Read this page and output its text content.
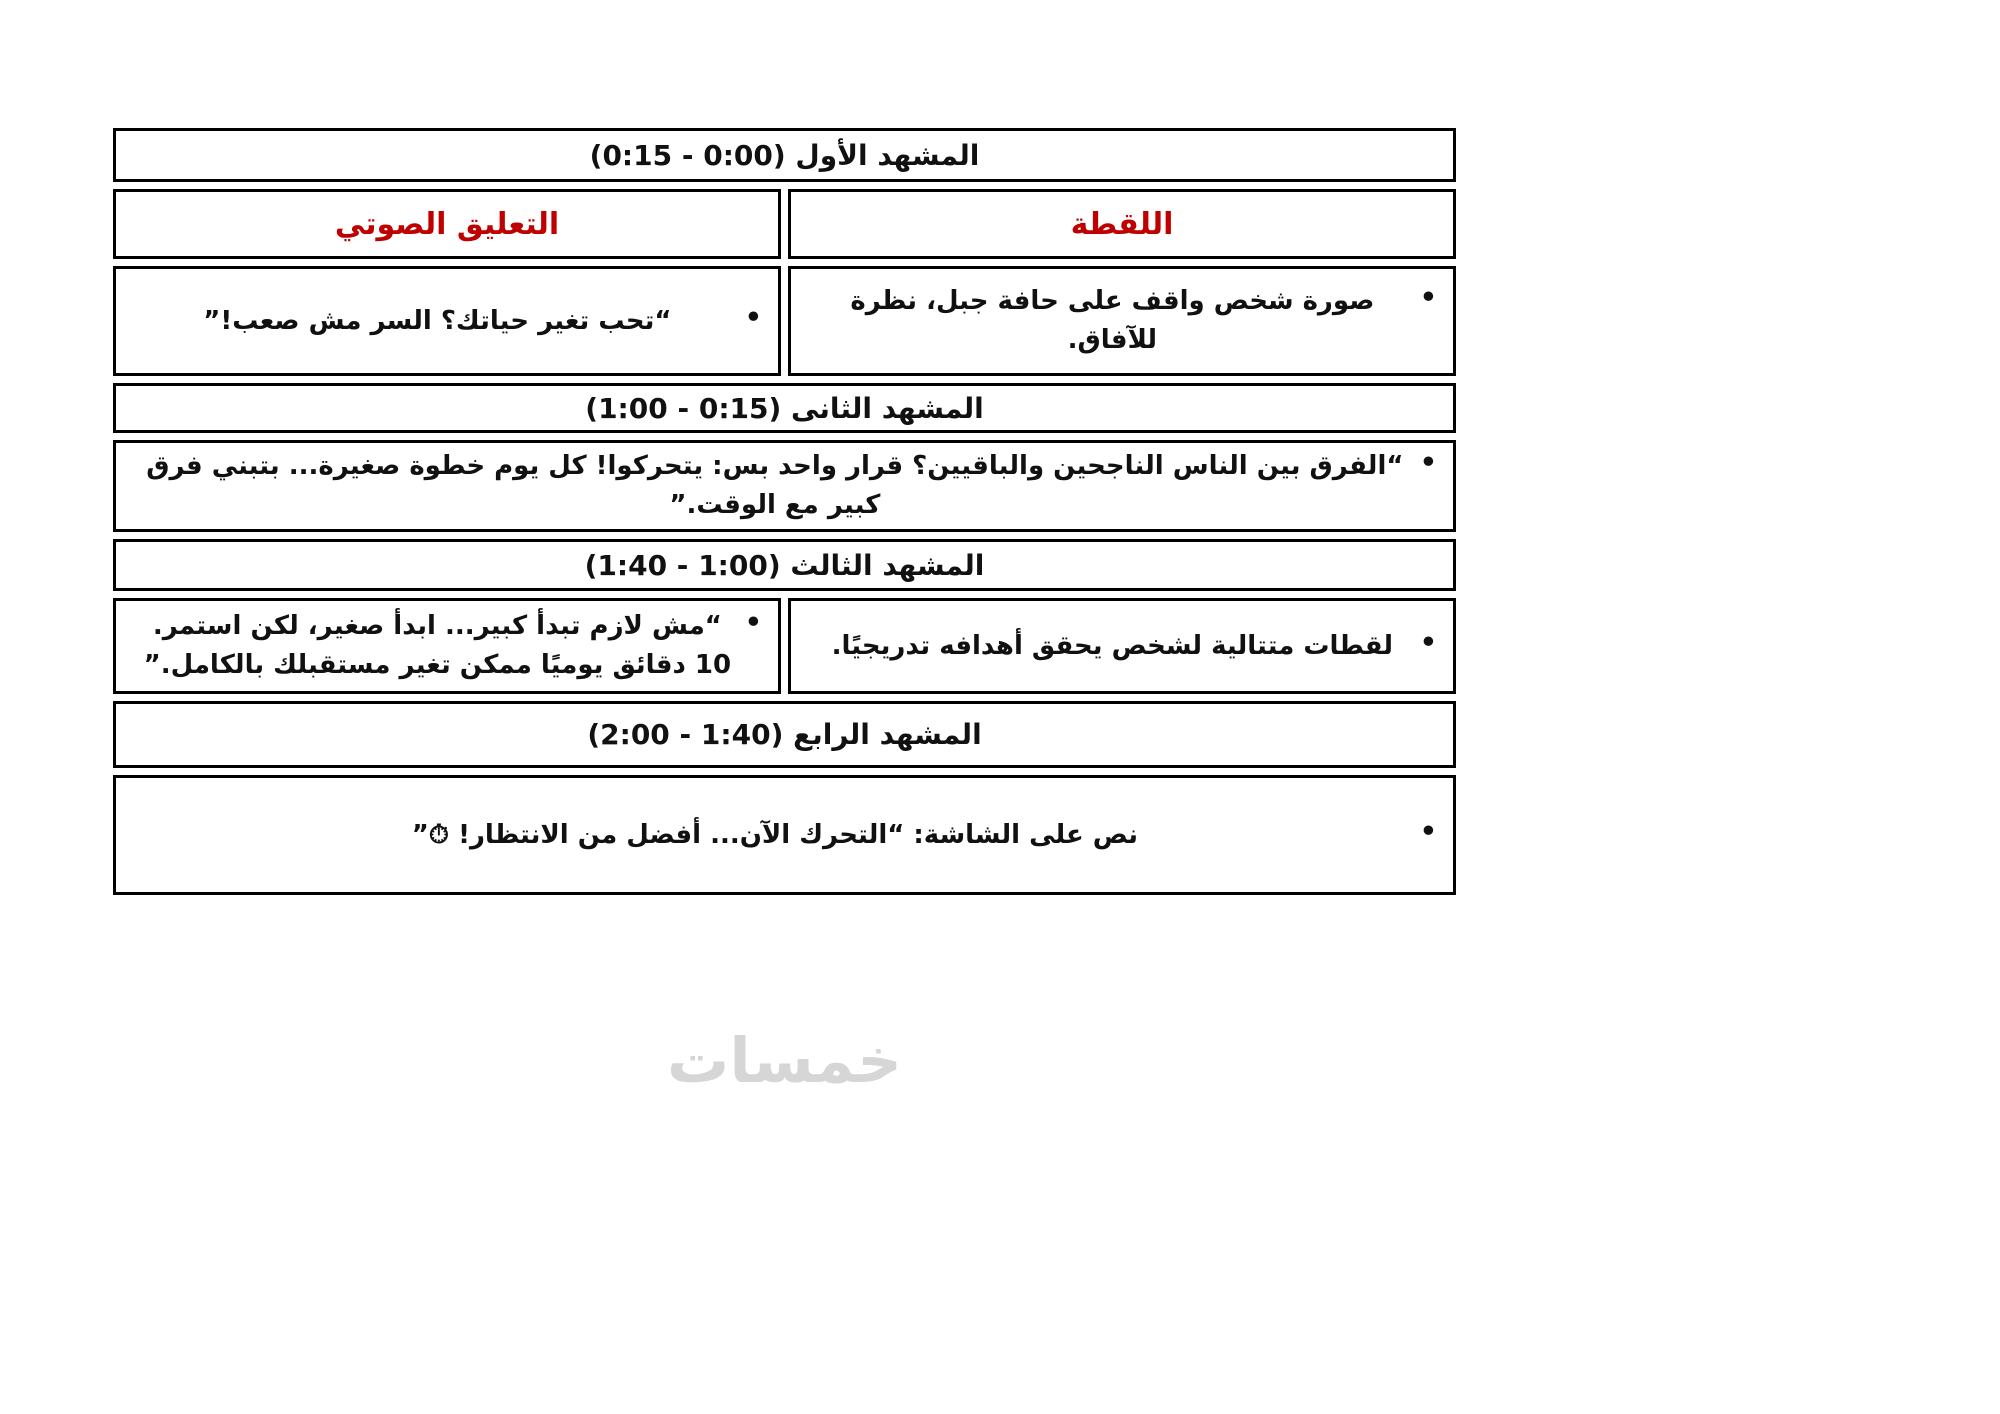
المشهد الأول (0:00 - 0:15)
اللقطة
التعليق الصوتي
•
صورة شخص واقف على حافة جبل، نظرة للآفاق.
•
“تحب تغير حياتك؟ السر مش صعب!”
المشهد الثانى (0:15 - 1:00)
•
“الفرق بين الناس الناجحين والباقيين؟ قرار واحد بس: يتحركوا! كل يوم خطوة صغيرة... بتبني فرق كبير مع الوقت.”
المشهد الثالث (1:00 - 1:40)
•
لقطات متتالية لشخص يحقق أهدافه تدريجيًا.
•
“مش لازم تبدأ كبير... ابدأ صغير، لكن استمر. 10 دقائق يوميًا ممكن تغير مستقبلك بالكامل.”
المشهد الرابع (1:40 - 2:00)
•
نص على الشاشة: “التحرك الآن... أفضل من الانتظار! ⏱”
خمسات
